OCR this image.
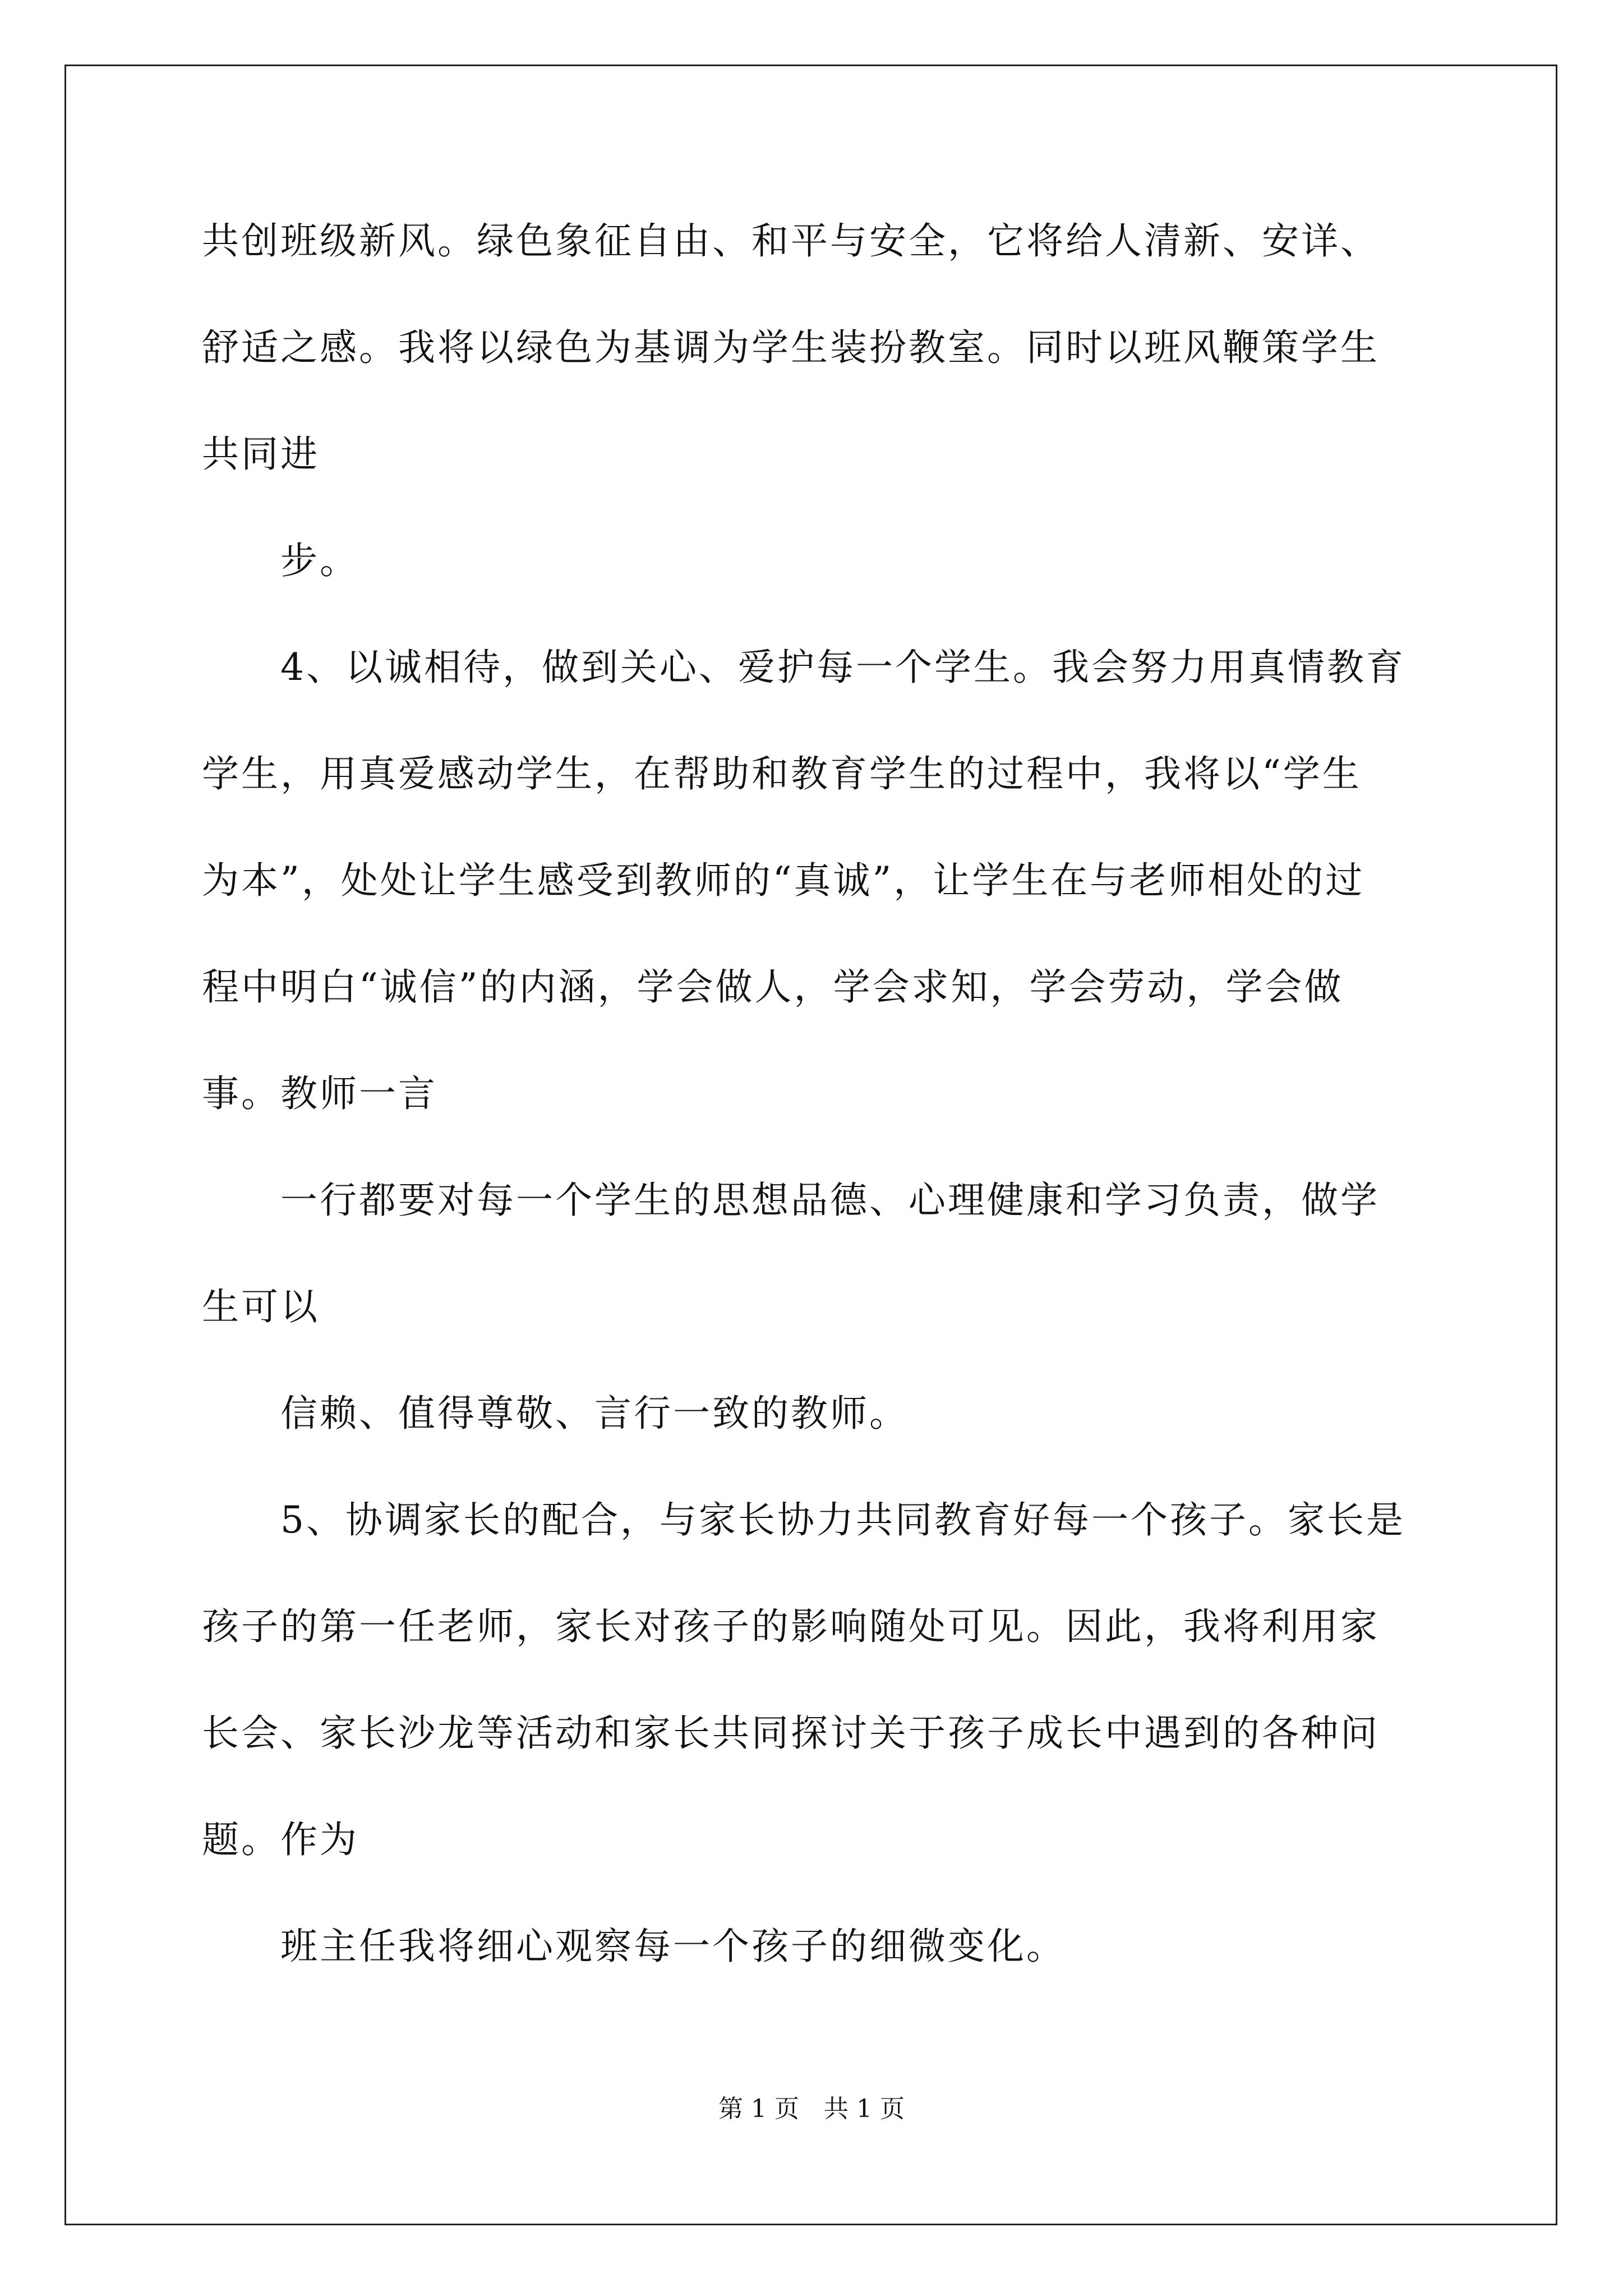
共创班级新风。绿色象征自由、和平与安全，它将给人清新、安详、
舒适之感。我将以绿色为基调为学生装扮教室。同时以班风鞭策学生
共同进
步。
4、以诚相待，做到关心、爱护每一个学生。我会努力用真情教育
学生，用真爱感动学生，在帮助和教育学生的过程中，我将以“学生
为本”，处处让学生感受到教师的“真诚”，让学生在与老师相处的过
程中明白“诚信”的内涵，学会做人，学会求知，学会劳动，学会做
事。教师一言
一行都要对每一个学生的思想品德、心理健康和学习负责，做学
生可以
信赖、值得尊敬、言行一致的教师。
5、协调家长的配合，与家长协力共同教育好每一个孩子。家长是
孩子的第一任老师，家长对孩子的影响随处可见。因此，我将利用家
长会、家长沙龙等活动和家长共同探讨关于孩子成长中遇到的各种问
题。作为
班主任我将细心观察每一个孩子的细微变化。
第 1 页　共 1 页
